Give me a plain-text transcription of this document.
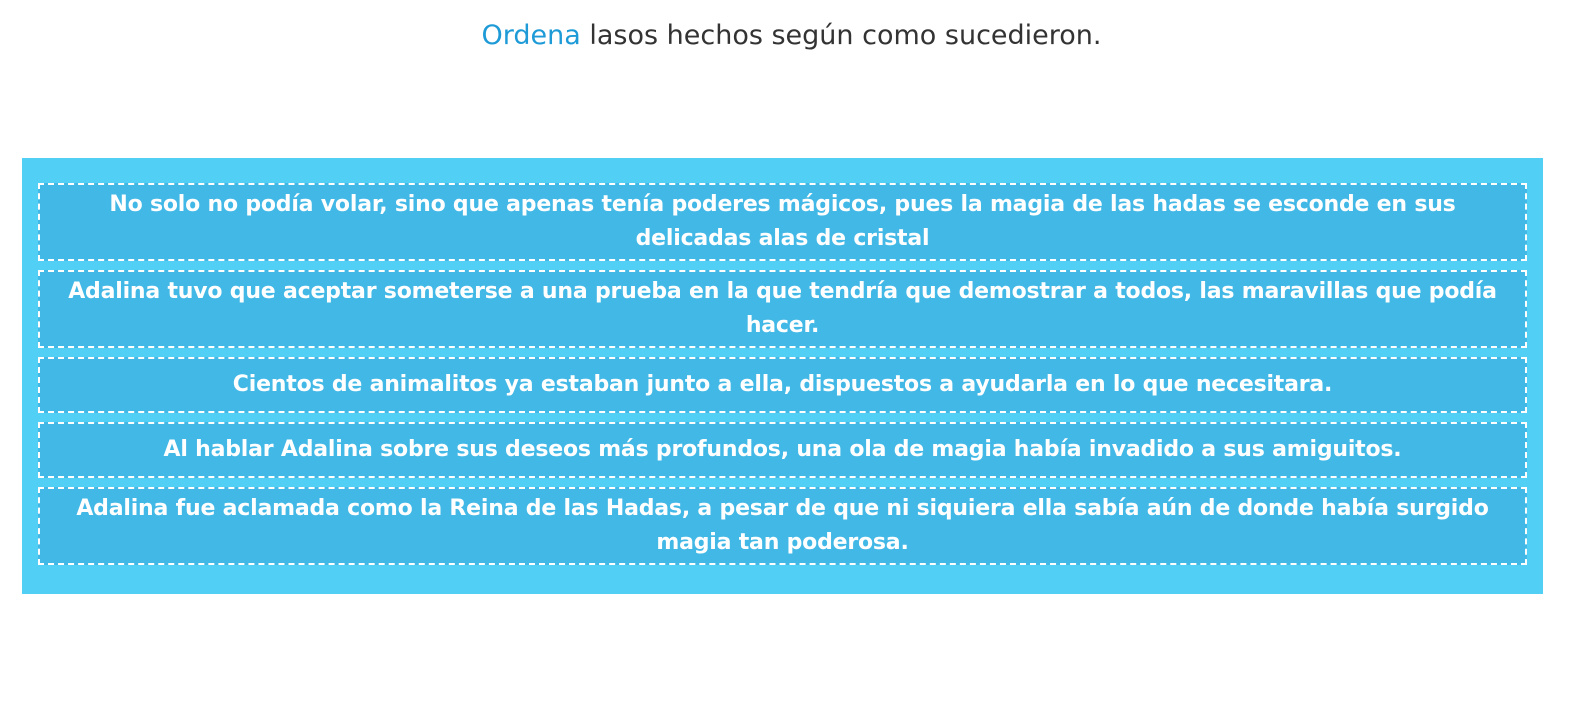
Ordena lasos hechos según como sucedieron.
No solo no podía volar, sino que apenas tenía poderes mágicos, pues la magia de las hadas se esconde en sus delicadas alas de cristal
Adalina tuvo que aceptar someterse a una prueba en la que tendría que demostrar a todos, las maravillas que podía hacer.
Cientos de animalitos ya estaban junto a ella, dispuestos a ayudarla en lo que necesitara.
Al hablar Adalina sobre sus deseos más profundos, una ola de magia había invadido a sus amiguitos.
Adalina fue aclamada como la Reina de las Hadas, a pesar de que ni siquiera ella sabía aún de donde había surgido magia tan poderosa.
